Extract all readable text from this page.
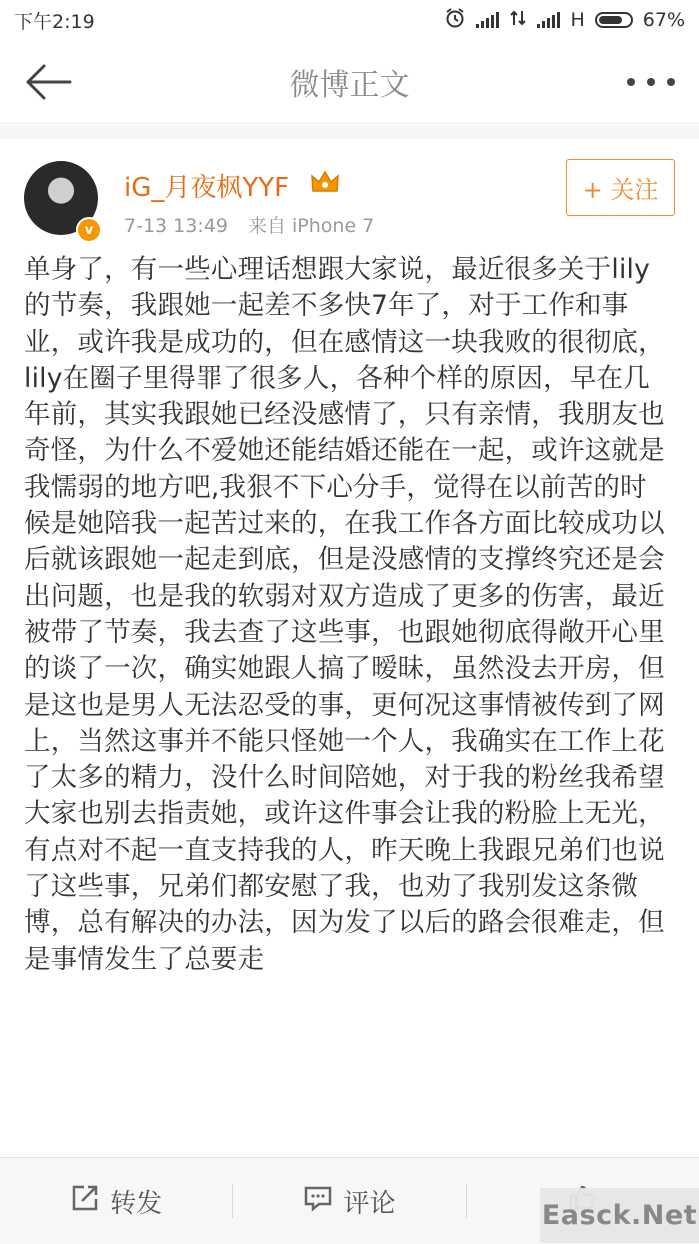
下午2:19	H	67%
微博正文
v
iG_月夜枫YYF
7-13 13:49 来自 iPhone 7
+ 关注
单身了，有一些心理话想跟大家说，最近很多关于lily的节奏，我跟她一起差不多快7年了，对于工作和事业，或许我是成功的，但在感情这一块我败的很彻底，lily在圈子里得罪了很多人，各种个样的原因，早在几年前，其实我跟她已经没感情了，只有亲情，我朋友也奇怪，为什么不爱她还能结婚还能在一起，或许这就是我懦弱的地方吧,我狠不下心分手，觉得在以前苦的时候是她陪我一起苦过来的，在我工作各方面比较成功以后就该跟她一起走到底，但是没感情的支撑终究还是会出问题，也是我的软弱对双方造成了更多的伤害，最近被带了节奏，我去查了这些事，也跟她彻底得敞开心里的谈了一次，确实她跟人搞了暧昧，虽然没去开房，但是这也是男人无法忍受的事，更何况这事情被传到了网上，当然这事并不能只怪她一个人，我确实在工作上花了太多的精力，没什么时间陪她，对于我的粉丝我希望大家也别去指责她，或许这件事会让我的粉脸上无光，有点对不起一直支持我的人，昨天晚上我跟兄弟们也说了这些事，兄弟们都安慰了我，也劝了我别发这条微博，总有解决的办法，因为发了以后的路会很难走，但是事情发生了总要走
转发	评论	Easck.Net
